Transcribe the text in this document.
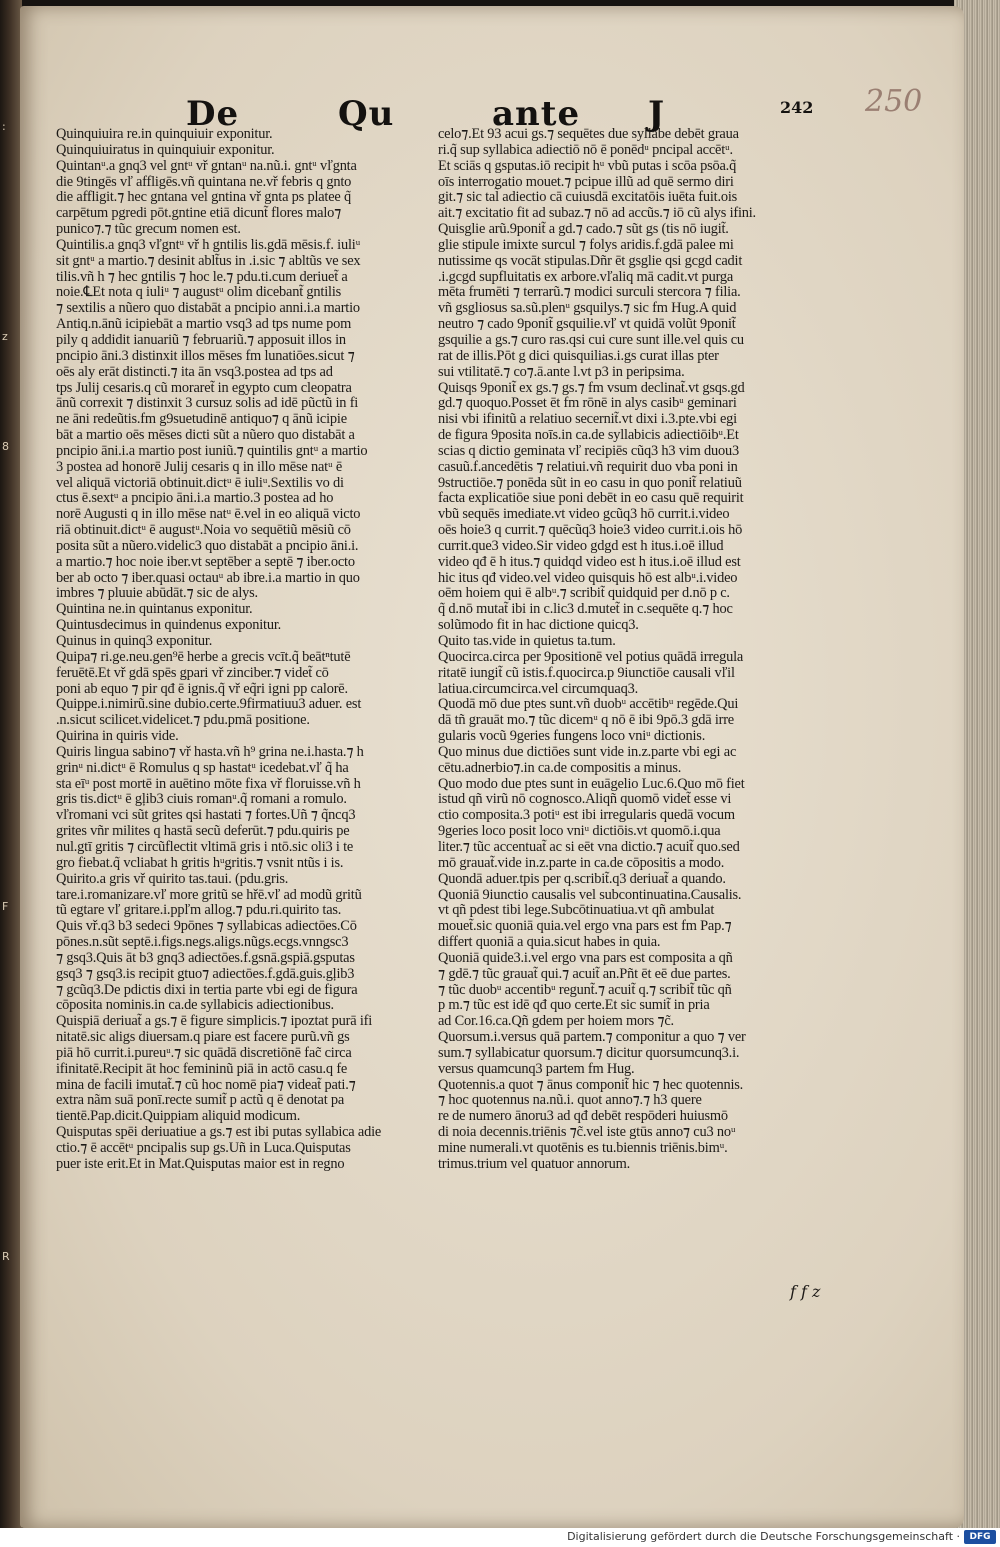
:
z
8
F
R
De	Qu	ante J	242 250
Quinquiuira re.in quinquiuir exponitur.
Quinquiuiratus in quinquiuir exponitur.
Quintanᵘ.a gnq3 vel gntᵘ vř gntanᵘ na.nũ.i. gntᵘ vľgnta
die 9tingēs vľ affligēs.vñ quintana ne.vř febris q gnto
die affligit.⁊ hec gntana vel gntina vř gnta ps platee q̃
carpētum pgredi pōt.gntine etiā dicunt̃ flores malo⁊
punico⁊.⁊ tũc grecum nomen est.
Quintilis.a gnq3 vľgntᵘ vř h gntilis lis.gdā mēsis.f. iuliᵘ
sit gntᵘ a martio.⁊ desinit ablt̃us in .i.sic ⁊ abltũs ve sex
tilis.vñ h ⁊ hec gntilis ⁊ hoc le.⁊ pdu.ti.cum deriuet̃ a
noie.℄Et nota q iuliᵘ ⁊ augustᵘ olim dicebant̃ gntilis
⁊ sextilis a nũero quo distabāt a pncipio anni.i.a martio
Antiq.n.ānũ icipiebāt a martio vsq3 ad tps nume pom
pily q addidit ianuariũ ⁊ februariũ.⁊ apposuit illos in
pncipio āni.3 distinxit illos mēses fm lunatiōes.sicut ⁊
oēs aly erāt distincti.⁊ ita ān vsq3.postea ad tps ad
tps Julij cesaris.q cũ moraret̃ in egypto cum cleopatra
ānũ correxit ⁊ distinxit 3 cursuz solis ad idē pũctũ in fi
ne āni redeũtis.fm g9suetudinē antiquo⁊ q ānũ icipie
bāt a martio oēs mēses dicti sũt a nũero quo distabāt a
pncipio āni.i.a martio post iuniũ.⁊ quintilis gntᵘ a martio
3 postea ad honorē Julij cesaris q in illo mēse natᵘ ē
vel aliquā victoriā obtinuit.dictᵘ ē iuliᵘ.Sextilis vo di
ctus ē.sextᵘ a pncipio āni.i.a martio.3 postea ad ho
norē Augusti q in illo mēse natᵘ ē.vel in eo aliquā victo
riā obtinuit.dictᵘ ē augustᵘ.Noia vo sequētiũ mēsiũ cō
posita sũt a nũero.videlic3 quo distabāt a pncipio āni.i.
a martio.⁊ hoc noie iber.vt septēber a septē ⁊ iber.octo
ber ab octo ⁊ iber.quasi octauᵘ ab ibre.i.a martio in quo
imbres ⁊ pluuie abūdāt.⁊ sic de alys.
Quintina ne.in quintanus exponitur.
Quintusdecimus in quindenus exponitur.
Quinus in quinq3 exponitur.
Quipa⁊ ri.ge.neu.gen⁹ē herbe a grecis vcīt.q̃ beātⁿtutē
feruētē.Et vř gdā spēs gpari vř zinciber.⁊ videt̃ cō
poni ab equo ⁊ pir qđ ē ignis.q̃ vř eq̃ri igni pp calorē.
Quippe.i.nimirũ.sine dubio.certe.9firmatiuu3 aduer. est
.n.sicut scilicet.videlicet.⁊ pdu.pmā positione.
Quirina in quiris vide.
Quiris lingua sabino⁊ vř hasta.vñ h⁹ grina ne.i.hasta.⁊ h
grinᵘ ni.dictᵘ ē Romulus q sp hastatᵘ icedebat.vľ q̃ ha
sta eīᵘ post mortē in auētino mōte fixa vř floruisse.vñ h
gris tis.dictᵘ ē gļib3 ciuis romanᵘ.q̃ romani a romulo.
vľromani vci sũt grites qsi hastati ⁊ fortes.Uñ ⁊ q̃ncq3
grites vñr milites q hastā secũ deferūt.⁊ pdu.quiris pe
nul.gtī gritis ⁊ circũflectit vltimā gris i ntō.sic oli3 i te
gro fiebat.q̃ vcliabat h gritis hᵘgritis.⁊ vsnit ntũs i is.
Quirito.a gris vř quirito tas.taui. (pdu.gris.
tare.i.romanizare.vľ more gritũ se hřē.vľ ad modũ gritũ
tũ egtare vľ gritare.i.ppľm allog.⁊ pdu.ri.quirito tas.
Quis vř.q3 b3 sedeci 9pōnes ⁊ syllabicas adiectōes.Cō
pōnes.n.sũt septē.i.figs.negs.aligs.nũgs.ecgs.vnngsc3
⁊ gsq3.Quis āt b3 gnq3 adiectōes.f.gsnā.gspiā.gsputas
gsq3 ⁊ gsq3.is recipit gtuo⁊ adiectōes.f.gdā.guis.gļib3
⁊ gcũq3.De pdictis dixi in tertia parte vbi egi de figura
cōposita nominis.in ca.de syllabicis adiectionibus.
Quispiā deriuat̃ a gs.⁊ ē figure simplicis.⁊ ipoztat purā ifi
nitatē.sic aligs diuersam.q piare est facere purũ.vñ gs
piā hō currit.i.pureuᵘ.⁊ sic quādā discretiōnē fac̃ circa
ifinitatē.Recipit āt hoc femininũ piā in actō casu.q fe
mina de facili imutat̃.⁊ cũ hoc nomē pia⁊ videat̃ pati.⁊
extra nãm suā ponī.recte sumit̃ p actũ q ē denotat pa
tientē.Pap.dicit.Quippiam aliquid modicum.
Quisputas spēi deriuatiue a gs.⁊ est ibi putas syllabica adie
ctio.⁊ ē accētᵘ pncipalis sup gs.Uñ in Luca.Quisputas
puer iste erit.Et in Mat.Quisputas maior est in regno
celo⁊.Et 93 acui gs.⁊ sequētes due syllabe debēt graua
ri.q̃ sup syllabica adiectiō nō ē ponēdᵘ pncipal accētᵘ.
Et sciās q gsputas.iō recipit hᵘ vbũ putas i scōa psōa.q̃
oīs interrogatio mouet.⁊ pcipue illũ ad quē sermo diri
git.⁊ sic tal̃ adiectio cā cuiusdā excitatōis iuēta fuit.ois
ait.⁊ excitatio fit ad subaz.⁊ nō ad accũs.⁊ iō cũ alys ifini.
Quisglie arũ.9ponit̃ a gd.⁊ cado.⁊ sũt gs (tis nō iugit̃.
glie stipule imixte surcul ⁊ folys aridis.f.gdā palee mi
nutissime qs vocāt stipulas.Dñr ēt gsglie qsi gcgd cadit
.i.gcgd supfluitatis ex arbore.vľaliq mā cadit.vt purga
mēta frumēti ⁊ terrarũ.⁊ modici surculi stercora ⁊ filia.
vñ gsgliosus sa.sũ.plenᵘ gsquilys.⁊ sic fm Hug.A quid
neutro ⁊ cado 9ponit̃ gsquilie.vľ vt quidā volũt 9ponit̃
gsquilie a gs.⁊ curo ras.qsi cui cure sunt ille.vel quis cu
rat de illis.Pōt g dici quisquilias.i.gs curat illas pter
sui vtilitatē.⁊ co⁊.ā.ante l.vt p3 in peripsima.
Quisqs 9ponit̃ ex gs.⁊ gs.⁊ fm vsum declinat̃.vt gsqs.gd
gd.⁊ quoquo.Posset ēt fm rōnē in alys casibᵘ geminari
nisi vbi ifinitũ a relatiuo secernit̃.vt dixi i.3.pte.vbi egi
de figura 9posita noīs.in ca.de syllabicis adiectiōibᵘ.Et
scias q dictio geminata vľ recipiēs cũq3 h3 vim duou3
casuũ.f.ancedētis ⁊ relatiui.vñ requirit duo vba poni in
9structiōe.⁊ ponēda sũt in eo casu in quo ponit̃ relatiuũ
facta explicatiōe siue poni debēt in eo casu quē requirit
vbũ sequēs imediate.vt video gcũq3 hō currit.i.video
oēs hoie3 q currit.⁊ quēcũq3 hoie3 video currit.i.ois hō
currit.que3 video.Sir video gdgd est h itus.i.oē illud
video qđ ē h itus.⁊ quidqd video est h itus.i.oē illud est
hic itus qđ video.vel video quisquis hō est albᵘ.i.video
oēm hoiem qui ē albᵘ.⁊ scribit̃ quidquid per d.nō p c.
q̃ d.nō mutat̃ ibi in c.lic3 d.mutet̃ in c.sequēte q.⁊ hoc
solũmodo fit in hac dictione quicq3.
Quito tas.vide in quietus ta.tum.
Quocirca.circa per 9positionē vel potius quādā irregula
ritatē iungit̃ cũ istis.f.quocirca.p 9iunctiōe causali vľil
latiua.circumcirca.vel circumquaq3.
Quodā mō due ptes sunt.vñ duobᵘ accētibᵘ regēde.Qui
dā tñ grauāt mo.⁊ tũc dicemᵘ q nō ē ibi 9pō.3 gdā irre
gularis vocũ 9geries fungens loco vniᵘ dictionis.
Quo minus due dictiōes sunt vide in.z.parte vbi egi ac
cētu.adnerbio⁊.in ca.de compositis a minus.
Quo modo due ptes sunt in euāgelio Luc.6.Quo mō fiet
istud qñ virũ nō cognosco.Aliqñ quomō videt̃ esse vi
ctio composita.3 potiᵘ est ibi irregularis quedā vocum
9geries loco posit loco vniᵘ dictiōis.vt quomō.i.qua
liter.⁊ tũc accentuat̃ ac si eēt vna dictio.⁊ acuit̃ quo.sed
mō grauat̃.vide in.z.parte in ca.de cōpositis a modo.
Quondā aduer.tpis per q.scribit̃.q3 deriuat̃ a quando.
Quoniā 9iunctio causalis vel subcontinuatina.Causalis.
vt qñ pdest tibi lege.Subcōtinuatiua.vt qñ ambulat
mouet̃.sic quoniā quia.vel ergo vna pars est fm Pap.⁊
differt quoniā a quia.sicut habes in quia.
Quoniā quide3.i.vel ergo vna pars est composita a qñ
⁊ gdē.⁊ tũc grauat̃ qui.⁊ acuit̃ an.Pñt ēt eē due partes.
⁊ tũc duobᵘ accentibᵘ regunt̃.⁊ acuit̃ q.⁊ scribit̃ tũc qñ
p m.⁊ tũc est idē qđ quo certe.Et sic sumit̃ in pria
ad Cor.16.ca.Qñ gdem per hoiem mors ⁊c̃.
Quorsum.i.versus quā partem.⁊ componitur a quo ⁊ ver
sum.⁊ syllabicatur quorsum.⁊ dicitur quorsumcunq3.i.
versus quamcunq3 partem fm Hug.
Quotennis.a quot ⁊ ānus componit̃ hic ⁊ hec quotennis.
⁊ hoc quotennus na.nũ.i. quot anno⁊.⁊ h3 quere
re de numero ānoru3 ad qđ debēt respōderi huiusmō
di noia decennis.triēnis ⁊c̃.vel iste gtūs anno⁊ cu3 noᵘ
mine numerali.vt quotēnis es tu.biennis triēnis.bimᵘ.
trimus.trium vel quatuor annorum.
f f z
Digitalisierung gefördert durch die Deutsche Forschungsgemeinschaft ·	DFG
